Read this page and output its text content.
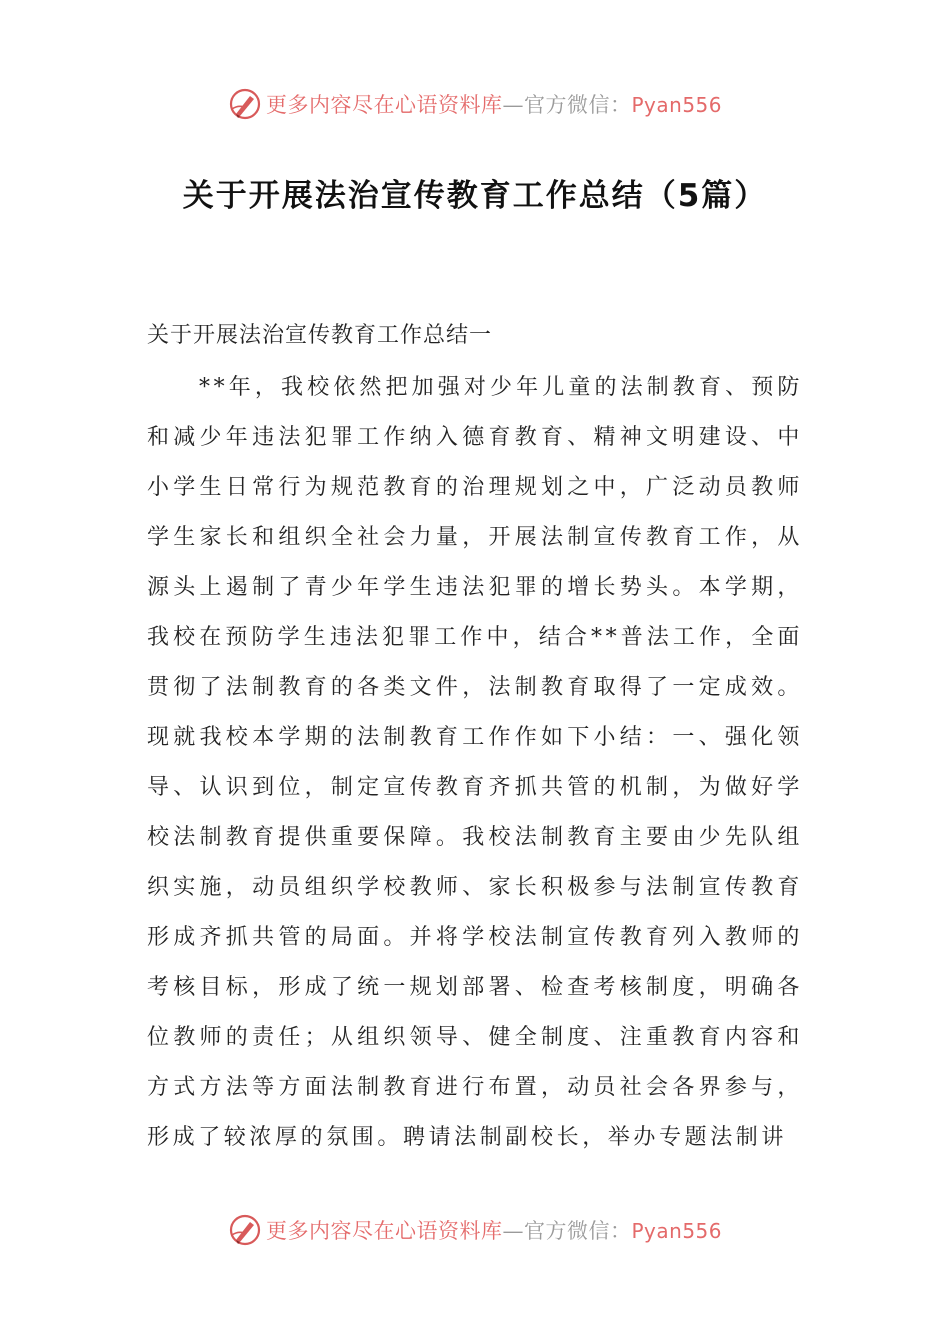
更多内容尽在心语资料库—官方微信：Pyan556
关于开展法治宣传教育工作总结（5篇）

关于开展法治宣传教育工作总结一

**年，我校依然把加强对少年儿童的法制教育、预防和减少年违法犯罪工作纳入德育教育、精神文明建设、中小学生日常行为规范教育的治理规划之中，广泛动员教师学生家长和组织全社会力量，开展法制宣传教育工作，从源头上遏制了青少年学生违法犯罪的增长势头。本学期，我校在预防学生违法犯罪工作中，结合**普法工作，全面贯彻了法制教育的各类文件，法制教育取得了一定成效。现就我校本学期的法制教育工作作如下小结：一、强化领导、认识到位，制定宣传教育齐抓共管的机制，为做好学校法制教育提供重要保障。我校法制教育主要由少先队组织实施，动员组织学校教师、家长积极参与法制宣传教育形成齐抓共管的局面。并将学校法制宣传教育列入教师的考核目标，形成了统一规划部署、检查考核制度，明确各位教师的责任；从组织领导、健全制度、注重教育内容和方式方法等方面法制教育进行布置，动员社会各界参与，形成了较浓厚的氛围。聘请法制副校长，举办专题法制讲

更多内容尽在心语资料库—官方微信：Pyan556
